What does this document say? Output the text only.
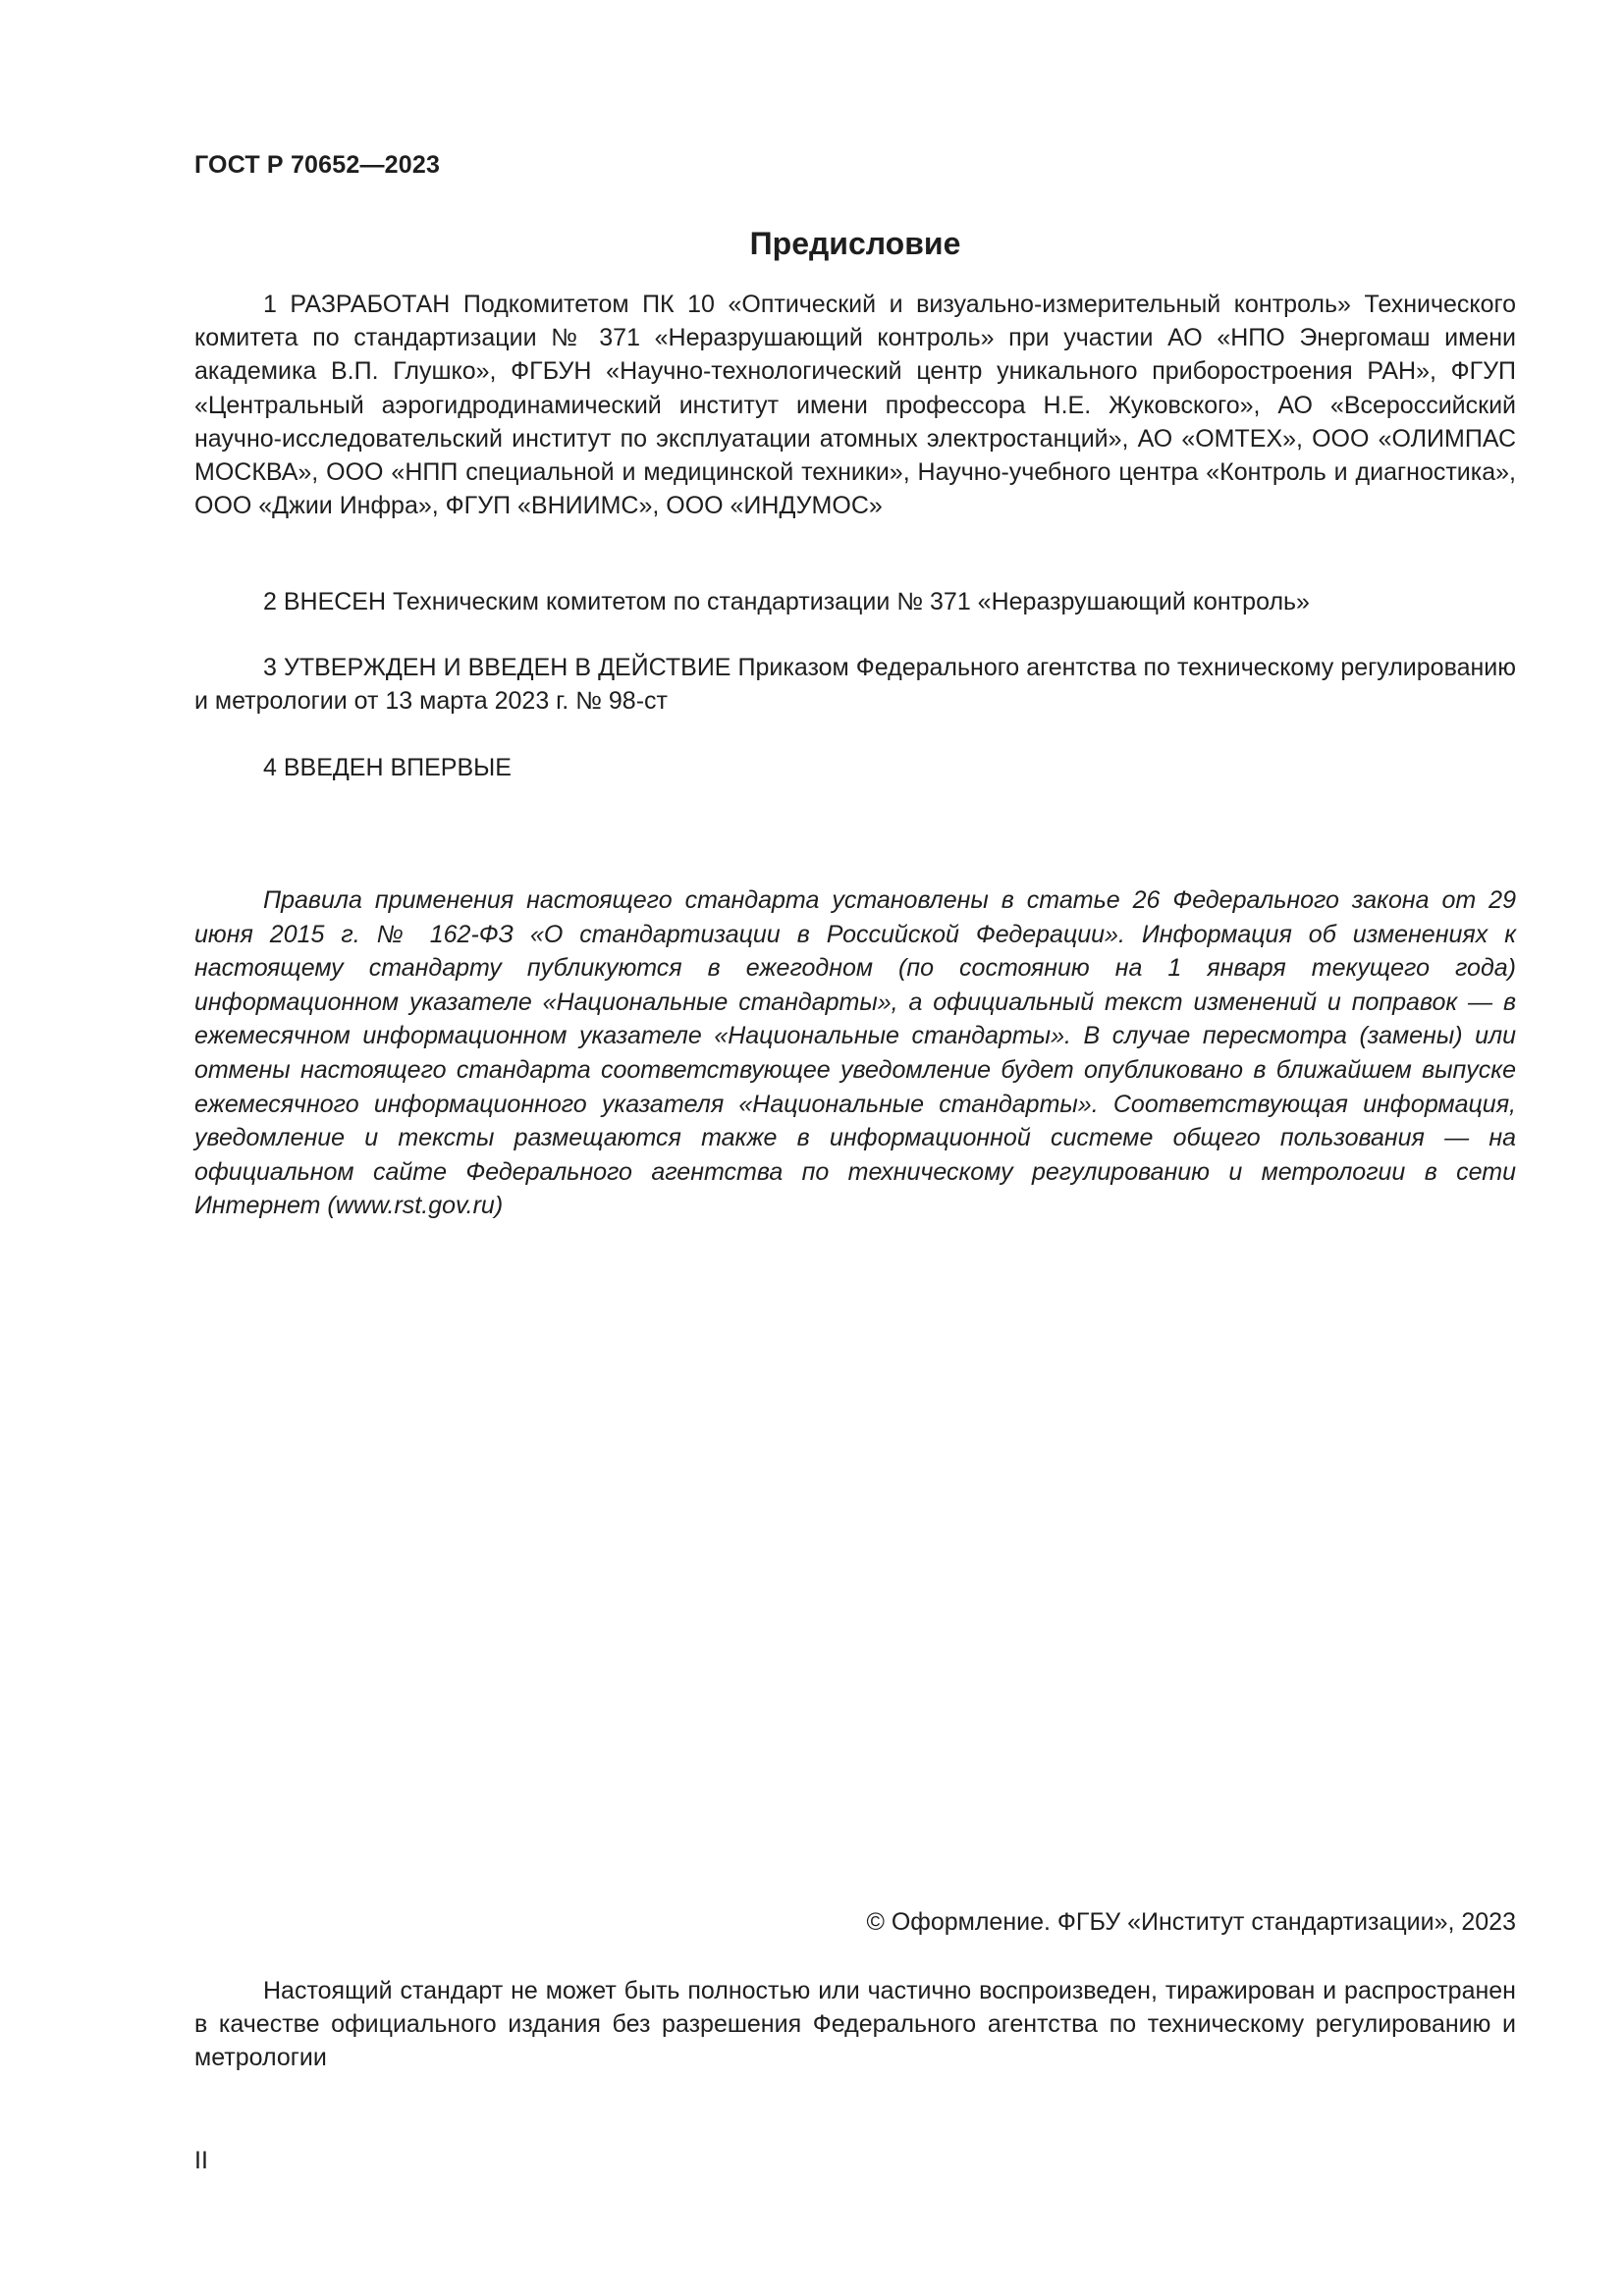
ГОСТ Р 70652—2023
Предисловие

1 РАЗРАБОТАН Подкомитетом ПК 10 «Оптический и визуально-измерительный контроль» Технического комитета по стандартизации № 371 «Неразрушающий контроль» при участии АО «НПО Энергомаш имени академика В.П. Глушко», ФГБУН «Научно-технологический центр уникального приборостроения РАН», ФГУП «Центральный аэрогидродинамический институт имени профессора Н.Е. Жуковского», АО «Всероссийский научно-исследовательский институт по эксплуатации атомных электростанций», АО «ОМТЕХ», ООО «ОЛИМПАС МОСКВА», ООО «НПП специальной и медицинской техники», Научно-учебного центра «Контроль и диагностика», ООО «Джии Инфра», ФГУП «ВНИИМС», ООО «ИНДУМОС»

2 ВНЕСЕН Техническим комитетом по стандартизации № 371 «Неразрушающий контроль»

3 УТВЕРЖДЕН И ВВЕДЕН В ДЕЙСТВИЕ Приказом Федерального агентства по техническому регулированию и метрологии от 13 марта 2023 г. № 98-ст

4 ВВЕДЕН ВПЕРВЫЕ

Правила применения настоящего стандарта установлены в статье 26 Федерального закона от 29 июня 2015 г. № 162-ФЗ «О стандартизации в Российской Федерации». Информация об изменениях к настоящему стандарту публикуются в ежегодном (по состоянию на 1 января текущего года) информационном указателе «Национальные стандарты», а официальный текст изменений и поправок — в ежемесячном информационном указателе «Национальные стандарты». В случае пересмотра (замены) или отмены настоящего стандарта соответствующее уведомление будет опубликовано в ближайшем выпуске ежемесячного информационного указателя «Национальные стандарты». Соответствующая информация, уведомление и тексты размещаются также в информационной системе общего пользования — на официальном сайте Федерального агентства по техническому регулированию и метрологии в сети Интернет (www.rst.gov.ru)

© Оформление. ФГБУ «Институт стандартизации», 2023

Настоящий стандарт не может быть полностью или частично воспроизведен, тиражирован и распространен в качестве официального издания без разрешения Федерального агентства по техническому регулированию и метрологии

II
